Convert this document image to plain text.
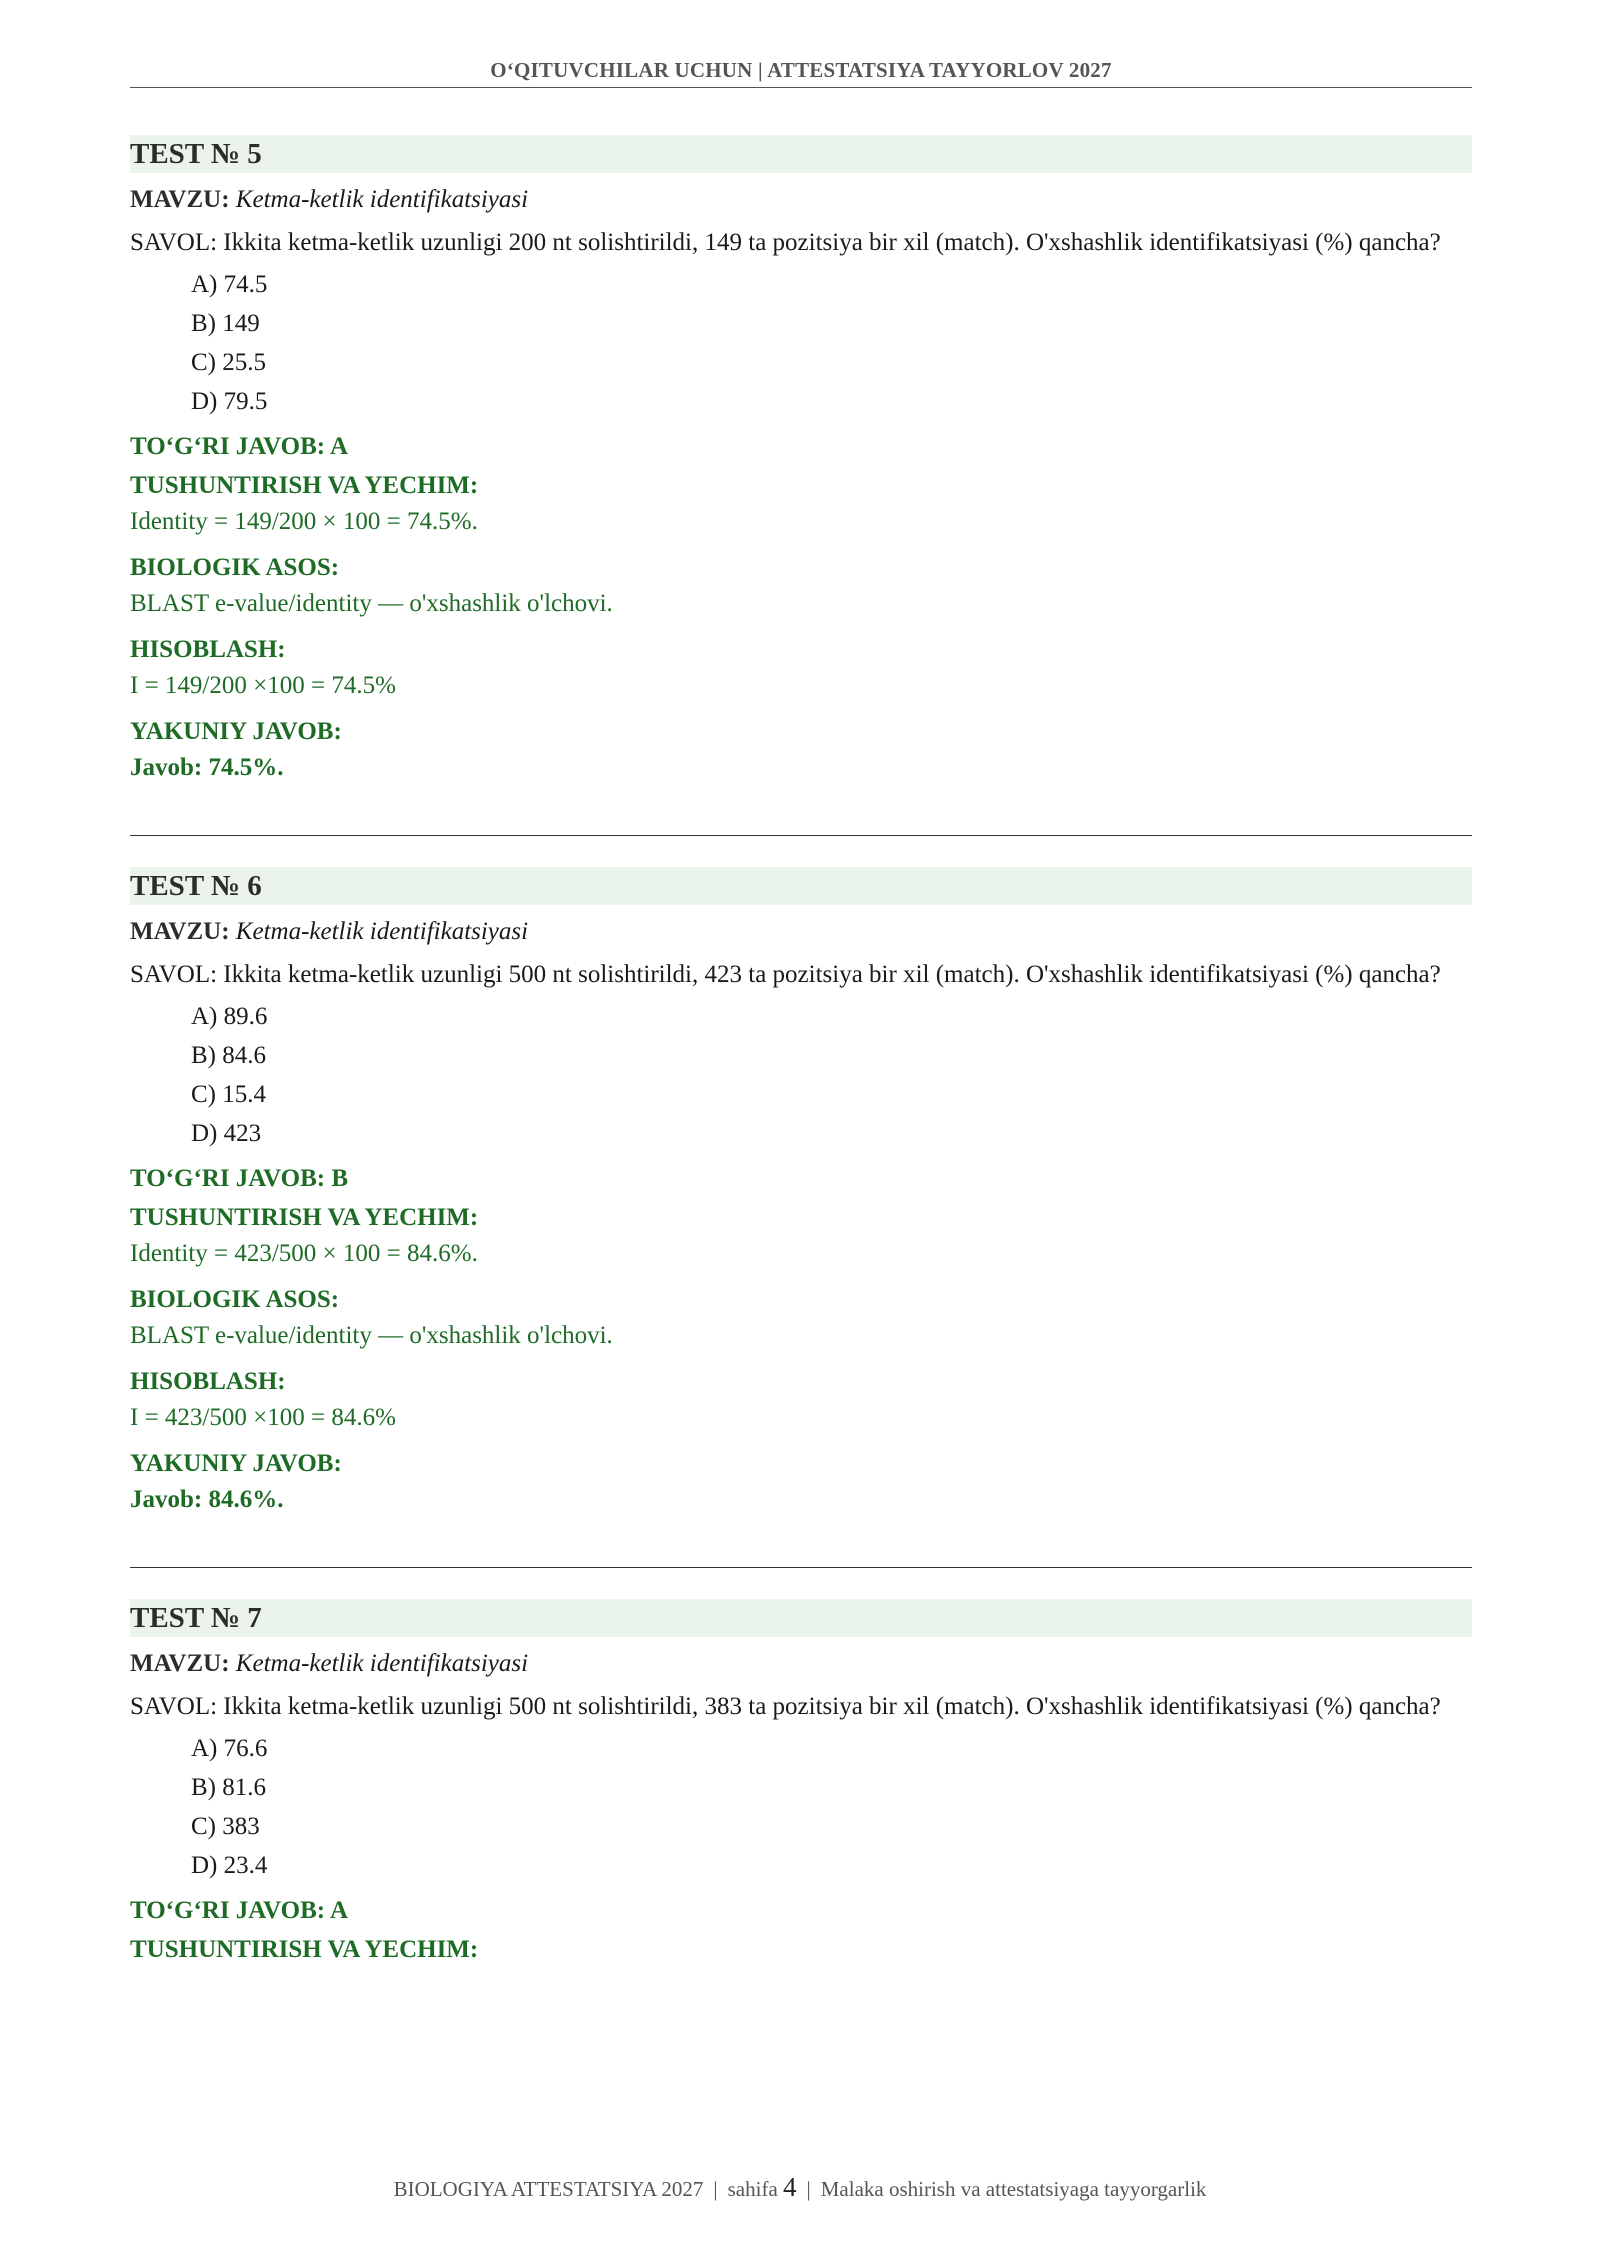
O‘QITUVCHILAR UCHUN | ATTESTATSIYA TAYYORLOV 2027
TEST № 5
MAVZU: Ketma-ketlik identifikatsiyasi
SAVOL: Ikkita ketma-ketlik uzunligi 200 nt solishtirildi, 149 ta pozitsiya bir xil (match). O'xshashlik identifikatsiyasi (%) qancha?
A) 74.5
B) 149
C) 25.5
D) 79.5
TO‘G‘RI JAVOB: A
TUSHUNTIRISH VA YECHIM:
Identity = 149/200 × 100 = 74.5%.
BIOLOGIK ASOS:
BLAST e-value/identity — o'xshashlik o'lchovi.
HISOBLASH:
I = 149/200 ×100 = 74.5%
YAKUNIY JAVOB:
Javob: 74.5%.
TEST № 6
MAVZU: Ketma-ketlik identifikatsiyasi
SAVOL: Ikkita ketma-ketlik uzunligi 500 nt solishtirildi, 423 ta pozitsiya bir xil (match). O'xshashlik identifikatsiyasi (%) qancha?
A) 89.6
B) 84.6
C) 15.4
D) 423
TO‘G‘RI JAVOB: B
TUSHUNTIRISH VA YECHIM:
Identity = 423/500 × 100 = 84.6%.
BIOLOGIK ASOS:
BLAST e-value/identity — o'xshashlik o'lchovi.
HISOBLASH:
I = 423/500 ×100 = 84.6%
YAKUNIY JAVOB:
Javob: 84.6%.
TEST № 7
MAVZU: Ketma-ketlik identifikatsiyasi
SAVOL: Ikkita ketma-ketlik uzunligi 500 nt solishtirildi, 383 ta pozitsiya bir xil (match). O'xshashlik identifikatsiyasi (%) qancha?
A) 76.6
B) 81.6
C) 383
D) 23.4
TO‘G‘RI JAVOB: A
TUSHUNTIRISH VA YECHIM:
BIOLOGIYA ATTESTATSIYA 2027 | sahifa 4 | Malaka oshirish va attestatsiyaga tayyorgarlik
